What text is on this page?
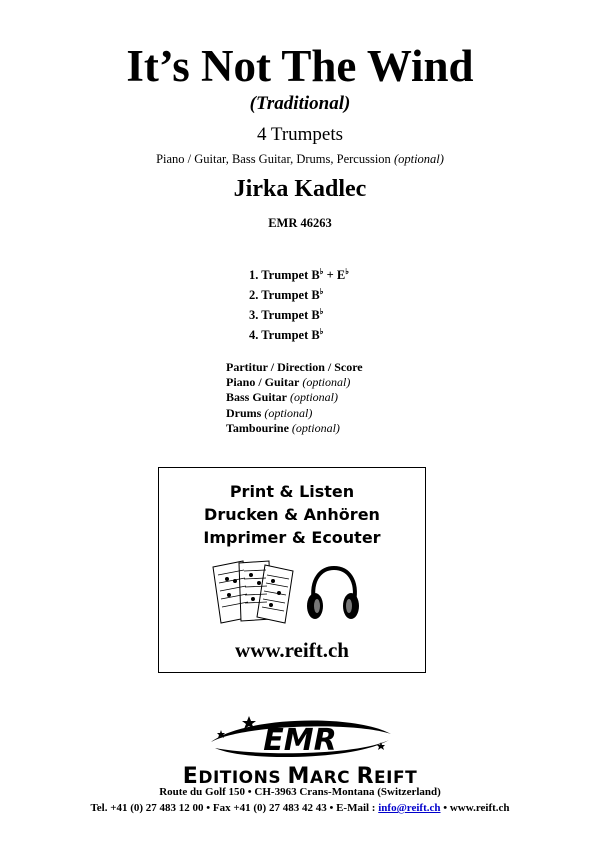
It’s Not The Wind
(Traditional)
4 Trumpets
Piano / Guitar, Bass Guitar, Drums, Percussion (optional)
Jirka Kadlec
EMR 46263
1. Trumpet B♭ + E♭
2. Trumpet B♭
3. Trumpet B♭
4. Trumpet B♭
Partitur / Direction / Score
Piano / Guitar (optional)
Bass Guitar (optional)
Drums (optional)
Tambourine (optional)
Print & Listen
Drucken & Anhören
Imprimer & Ecouter
www.reift.ch
EMR
EDITIONS MARC REIFT
Route du Golf 150 • CH-3963 Crans-Montana (Switzerland)
Tel. +41 (0) 27 483 12 00 • Fax +41 (0) 27 483 42 43 • E-Mail : info@reift.ch • www.reift.ch
